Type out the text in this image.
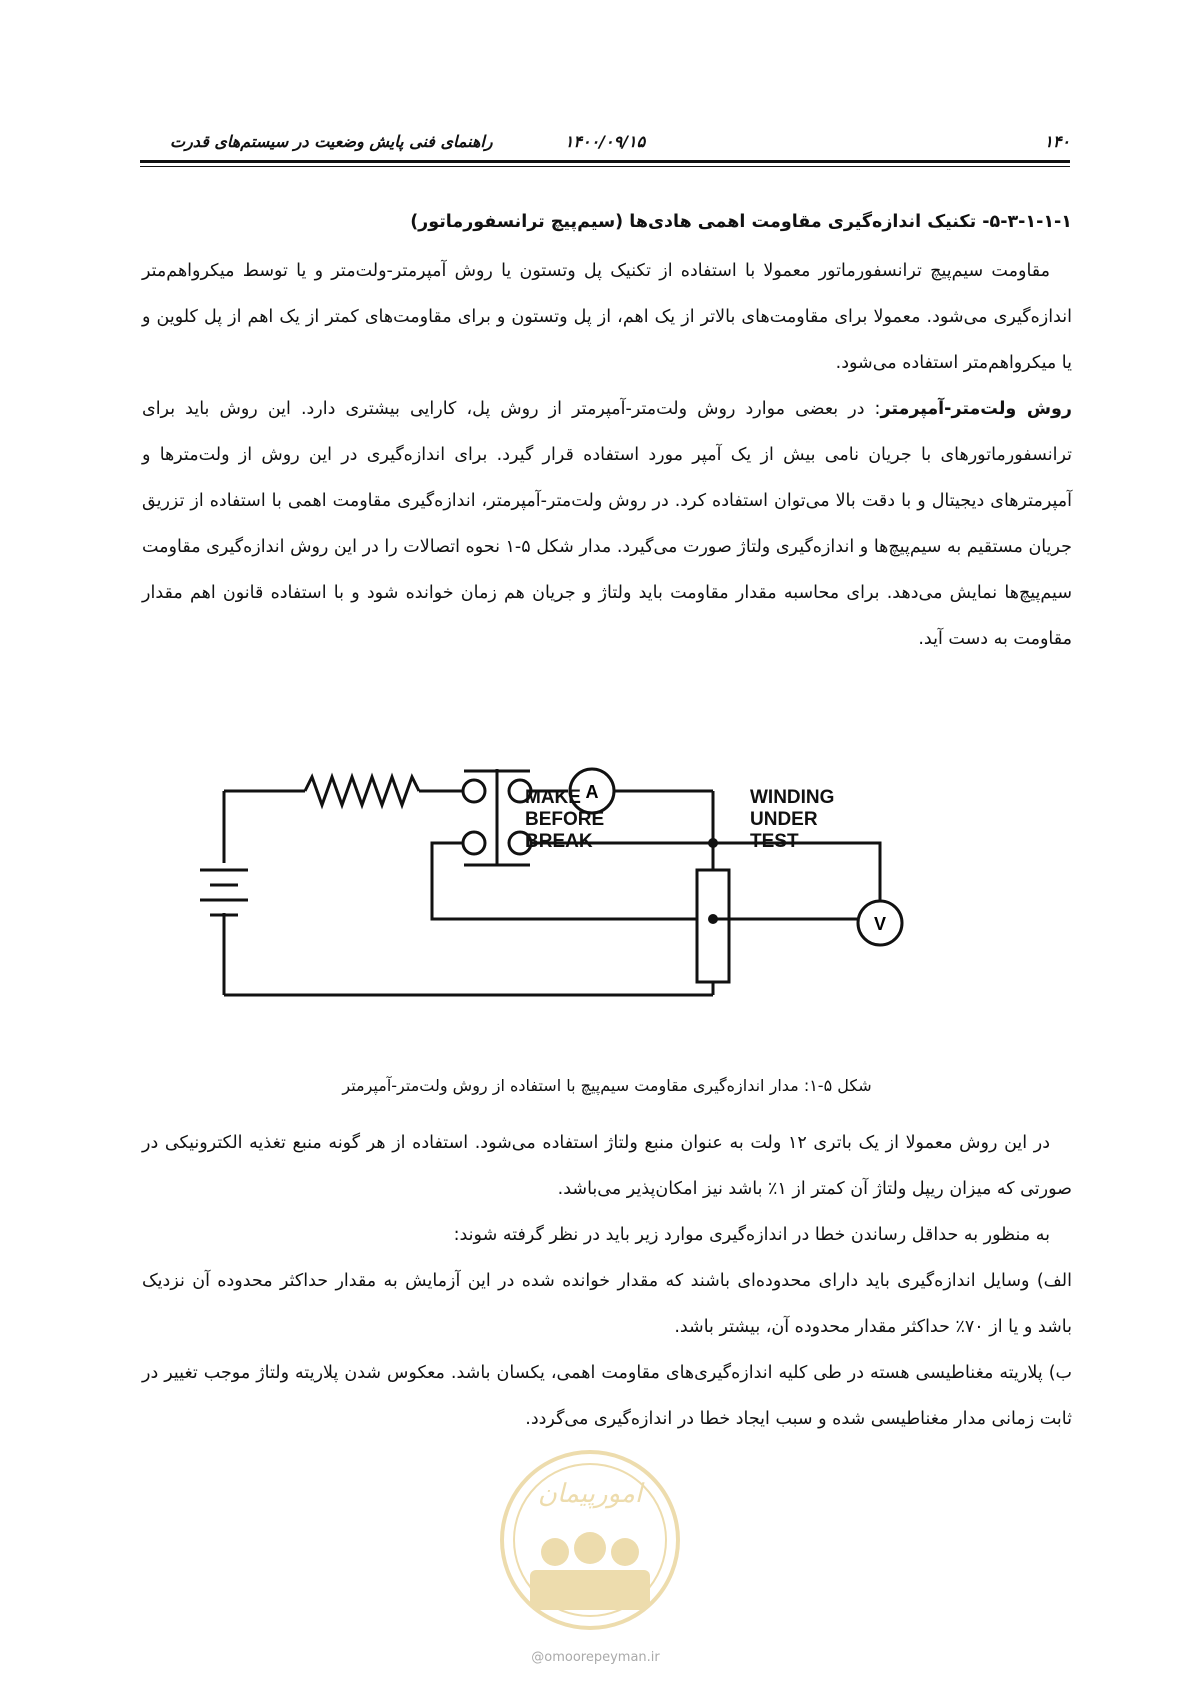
۱۴۰
۱۴۰۰/۰۹/۱۵
راهنمای فنی پایش وضعیت در سیستم‌های قدرت
۵-۳-۱-۱-۱- تکنیک اندازه‌گیری مقاومت اهمی هادی‌ها (سیم‌پیچ ترانسفورماتور)
مقاومت سیم‌پیچ ترانسفورماتور معمولا با استفاده از تکنیک پل وتستون یا روش آمپرمتر-ولت‌متر و یا توسط میکرواهم‌متر اندازه‌گیری می‌شود. معمولا برای مقاومت‌های بالاتر از یک اهم، از پل وتستون و برای مقاومت‌های کمتر از یک اهم از پل کلوین و یا میکرواهم‌متر استفاده می‌شود.
روش ولت‌متر-آمپرمتر: در بعضی موارد روش ولت‌متر-آمپرمتر از روش پل، کارایی بیشتری دارد. این روش باید برای ترانسفورماتورهای با جریان نامی بیش از یک آمپر مورد استفاده قرار گیرد. برای اندازه‌گیری در این روش از ولت‌مترها و آمپرمترهای دیجیتال و با دقت بالا می‌توان استفاده کرد. در روش ولت‌متر-آمپرمتر، اندازه‌گیری مقاومت اهمی با استفاده از تزریق جریان مستقیم به سیم‌پیچ‌ها و اندازه‌گیری ولتاژ صورت می‌گیرد. مدار شکل ۵-۱ نحوه اتصالات را در این روش اندازه‌گیری مقاومت سیم‌پیچ‌ها نمایش می‌دهد. برای محاسبه مقدار مقاومت باید ولتاژ و جریان هم زمان خوانده شود و با استفاده قانون اهم مقدار مقاومت به دست آید.
A
V
MAKE
BEFORE
BREAK
WINDING
UNDER
TEST
شکل ۵-۱: مدار اندازه‌گیری مقاومت سیم‌پیچ با استفاده از روش ولت‌متر-آمپرمتر
در این روش معمولا از یک باتری ۱۲ ولت به عنوان منبع ولتاژ استفاده می‌شود. استفاده از هر گونه منبع تغذیه الکترونیکی در صورتی که میزان ریپل ولتاژ آن کمتر از ۱٪ باشد نیز امکان‌پذیر می‌باشد.
به منظور به حداقل رساندن خطا در اندازه‌گیری موارد زیر باید در نظر گرفته شوند:
الف) وسایل اندازه‌گیری باید دارای محدوده‌ای باشند که مقدار خوانده شده در این آزمایش به مقدار حداکثر محدوده آن نزدیک باشد و یا از ۷۰٪ حداکثر مقدار محدوده آن، بیشتر باشد.
ب) پلاریته مغناطیسی هسته در طی کلیه اندازه‌گیری‌های مقاومت اهمی، یکسان باشد. معکوس شدن پلاریته ولتاژ موجب تغییر در ثابت زمانی مدار مغناطیسی شده و سبب ایجاد خطا در اندازه‌گیری می‌گردد.
امورپیمان
@omoorepeyman.ir
